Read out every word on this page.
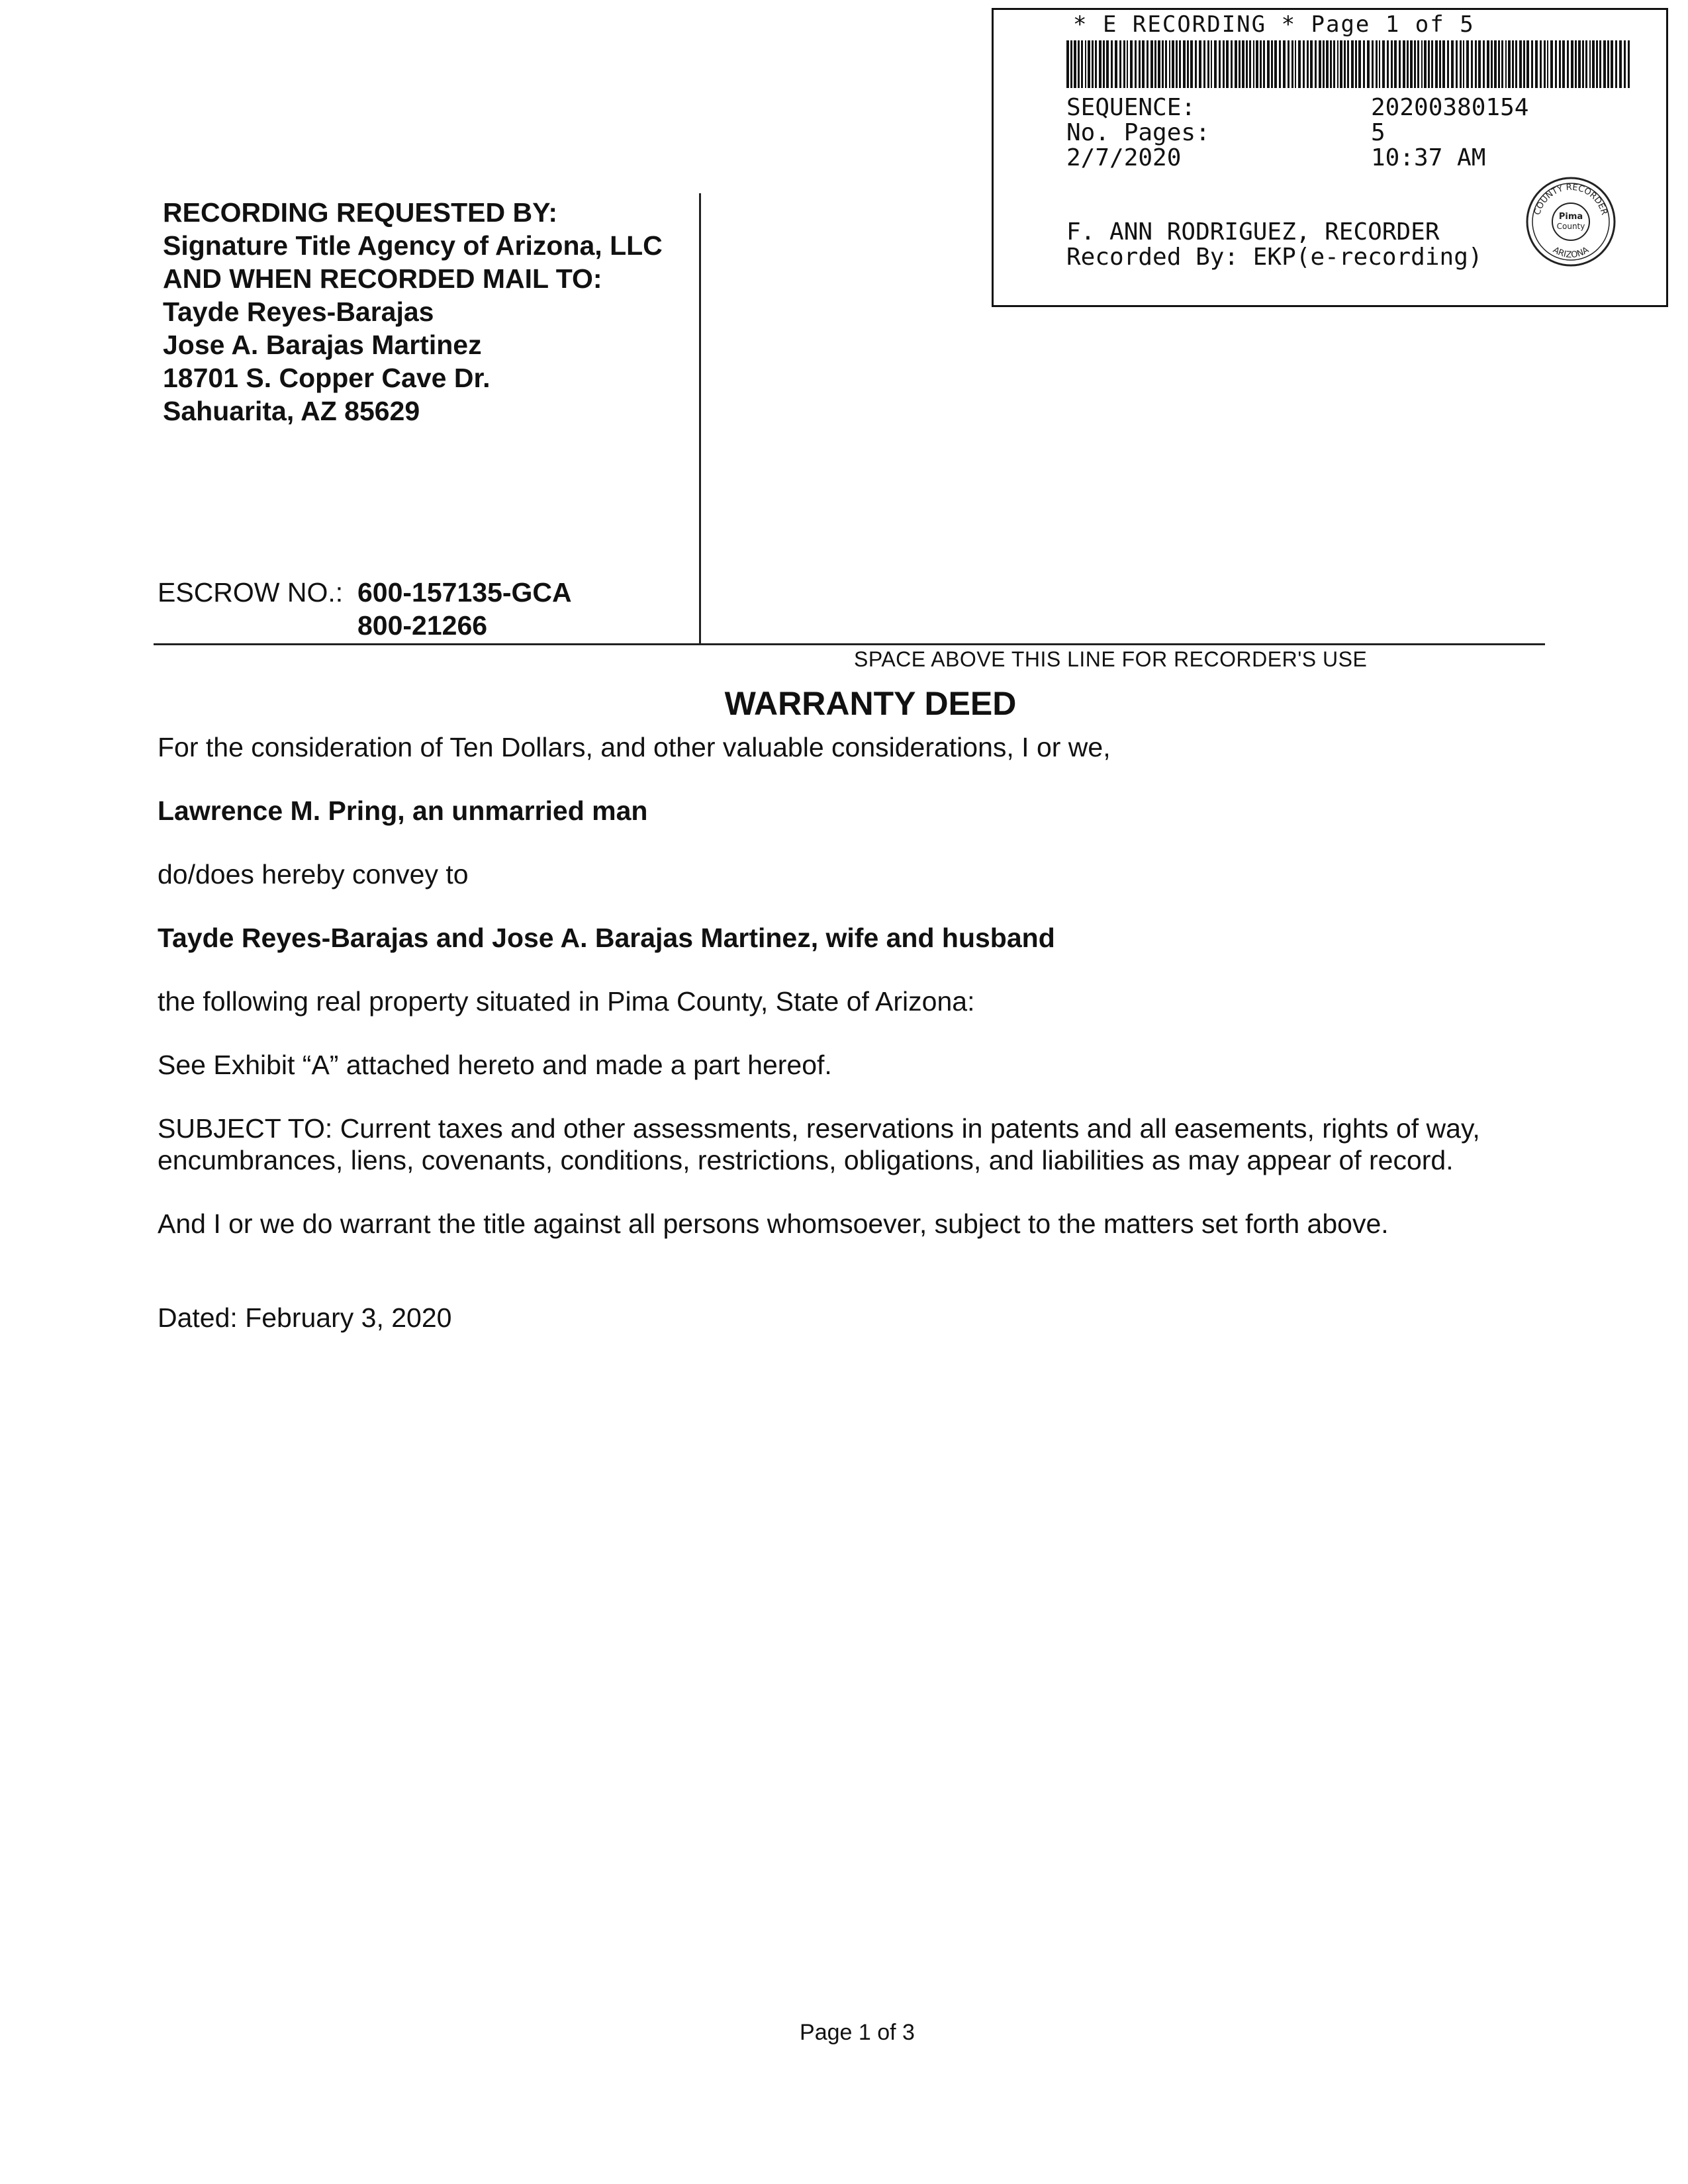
* E RECORDING * Page 1 of 5
SEQUENCE:	20200380154
No. Pages:	5
2/7/2020	10:37 AM
F. ANN RODRIGUEZ, RECORDER
Recorded By: EKP(e-recording)
COUNTY RECORDER
ARIZONA
Pima
County
RECORDING REQUESTED BY:
Signature Title Agency of Arizona, LLC
AND WHEN RECORDED MAIL TO:
Tayde Reyes-Barajas
Jose A. Barajas Martinez
18701 S. Copper Cave Dr.
Sahuarita, AZ 85629
ESCROW NO.: 600-157135-GCA
800-21266
SPACE ABOVE THIS LINE FOR RECORDER'S USE
WARRANTY DEED
For the consideration of Ten Dollars, and other valuable considerations, I or we,
Lawrence M. Pring, an unmarried man
do/does hereby convey to
Tayde Reyes-Barajas and Jose A. Barajas Martinez, wife and husband
the following real property situated in Pima County, State of Arizona:
See Exhibit “A” attached hereto and made a part hereof.
SUBJECT TO: Current taxes and other assessments, reservations in patents and all easements, rights of way,
encumbrances, liens, covenants, conditions, restrictions, obligations, and liabilities as may appear of record.
And I or we do warrant the title against all persons whomsoever, subject to the matters set forth above.
Dated: February 3, 2020
Page 1 of 3
